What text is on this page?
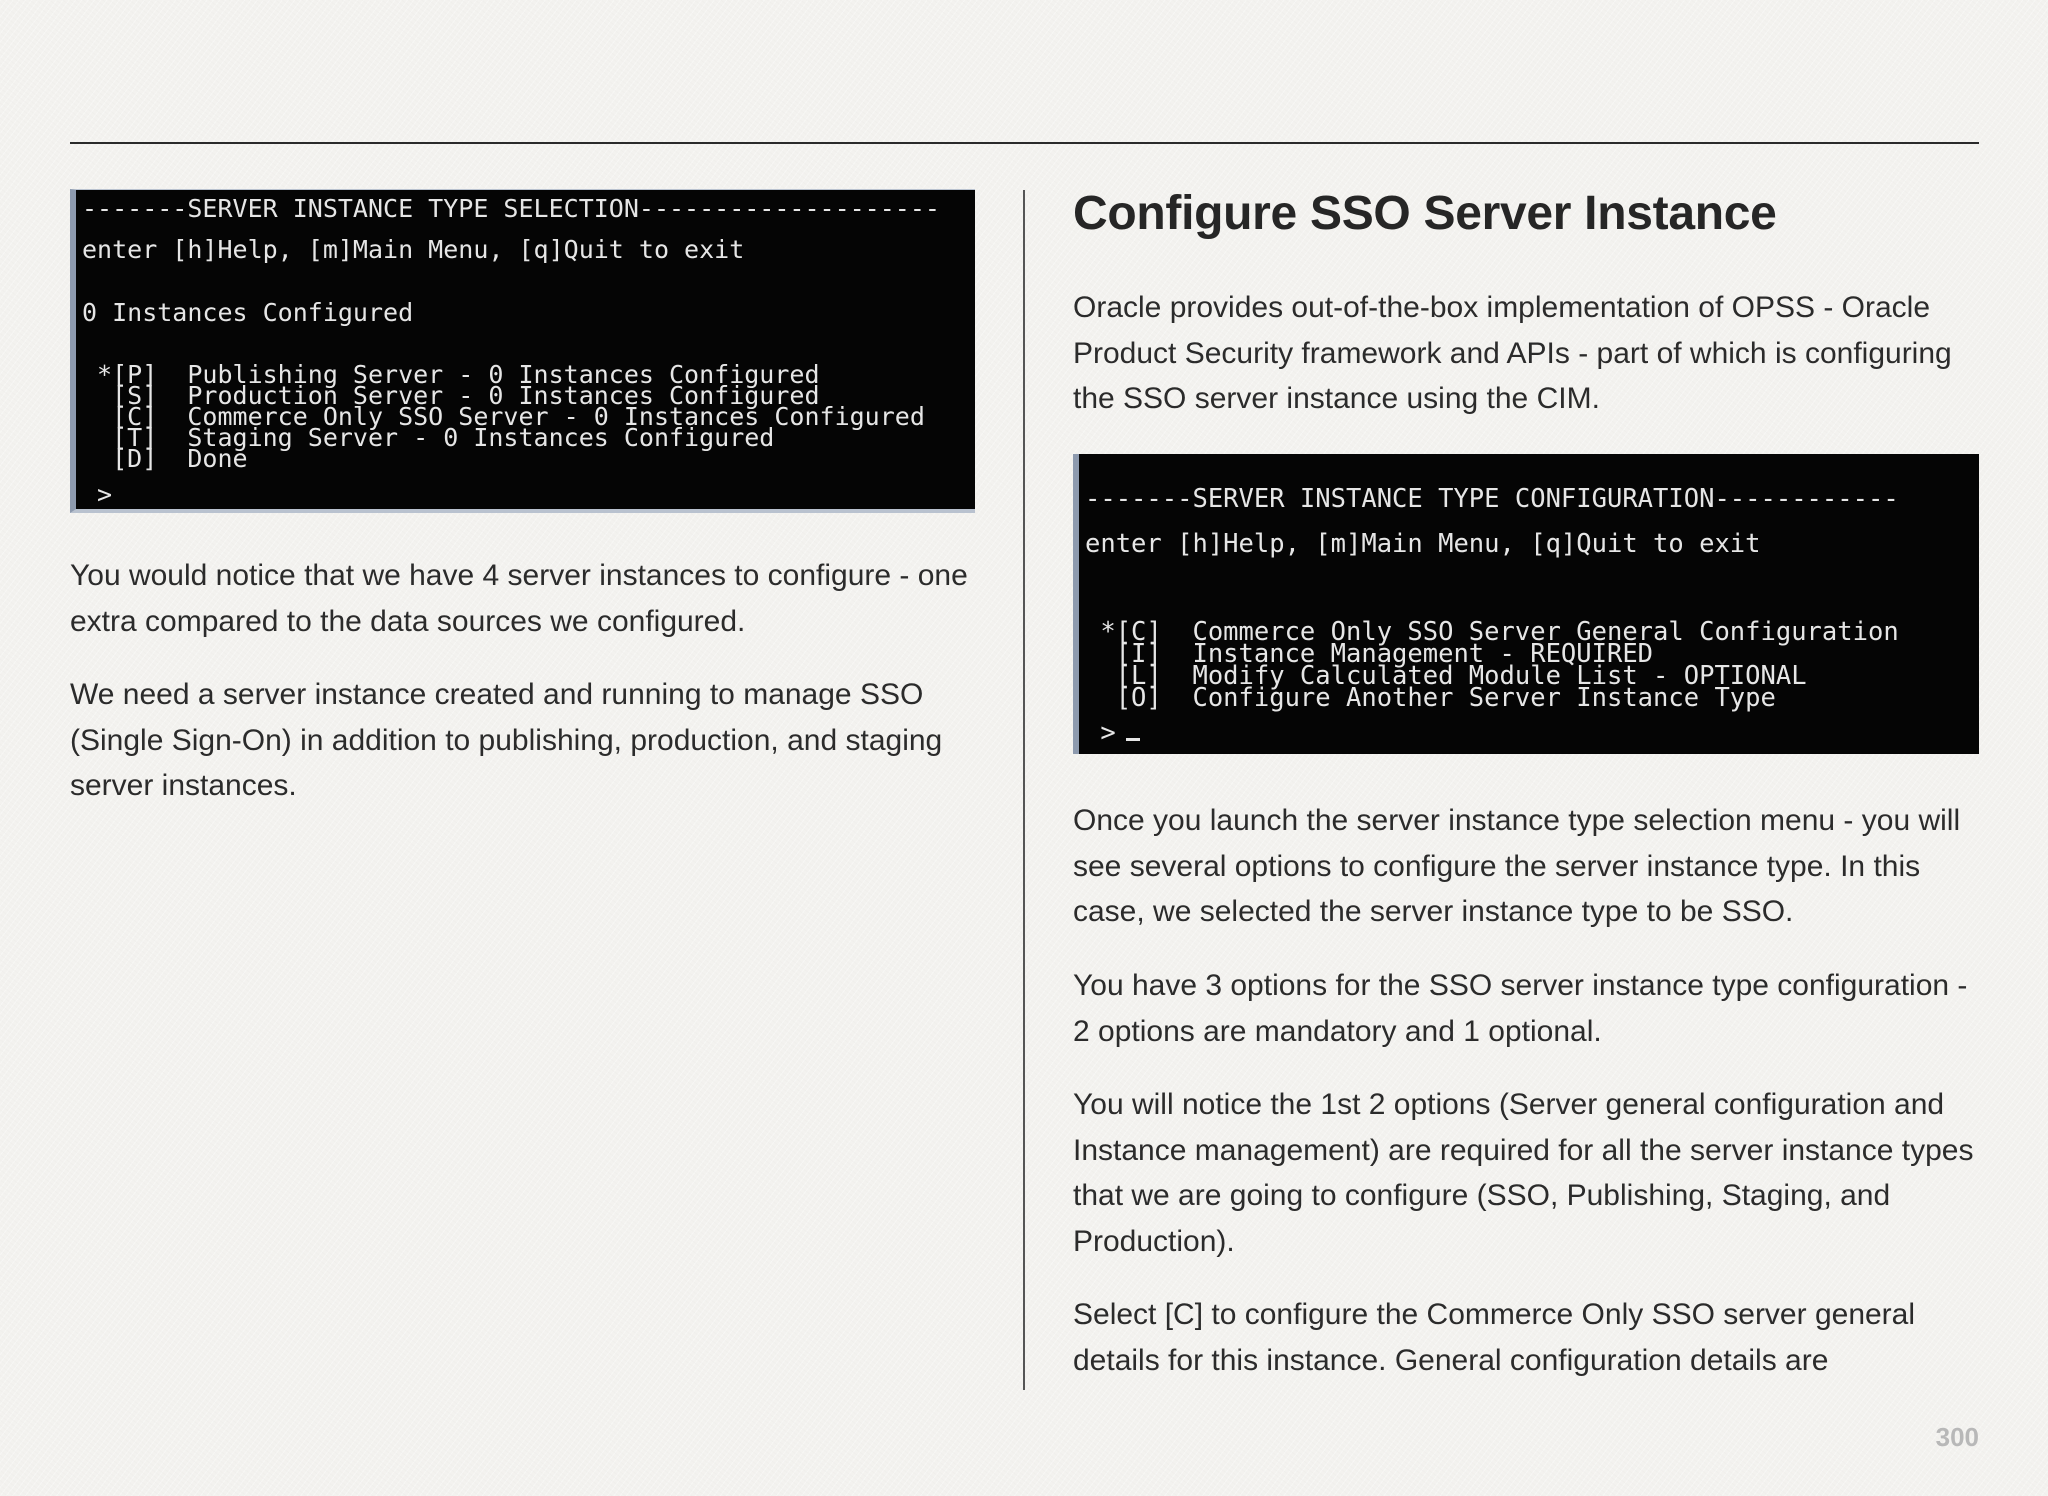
-------SERVER INSTANCE TYPE SELECTION--------------------
enter [h]Help, [m]Main Menu, [q]Quit to exit
0 Instances Configured
*[P]  Publishing Server - 0 Instances Configured
[S]  Production Server - 0 Instances Configured
[C]  Commerce Only SSO Server - 0 Instances Configured
[T]  Staging Server - 0 Instances Configured
[D]  Done
>

You would notice that we have 4 server instances to configure - one extra compared to the data sources we configured.

We need a server instance created and running to manage SSO (Single Sign-On) in addition to publishing, production, and staging server instances.

Configure SSO Server Instance

Oracle provides out-of-the-box implementation of OPSS - Oracle Product Security framework and APIs - part of which is configuring the SSO server instance using the CIM.

-------SERVER INSTANCE TYPE CONFIGURATION------------
enter [h]Help, [m]Main Menu, [q]Quit to exit
*[C]  Commerce Only SSO Server General Configuration
[I]  Instance Management - REQUIRED
[L]  Modify Calculated Module List - OPTIONAL
[O]  Configure Another Server Instance Type
>

Once you launch the server instance type selection menu - you will see several options to configure the server instance type. In this case, we selected the server instance type to be SSO.

You have 3 options for the SSO server instance type configuration - 2 options are mandatory and 1 optional.

You will notice the 1st 2 options (Server general configuration and Instance management) are required for all the server instance types that we are going to configure (SSO, Publishing, Staging, and Production).

Select [C] to configure the Commerce Only SSO server general details for this instance. General configuration details are

300
